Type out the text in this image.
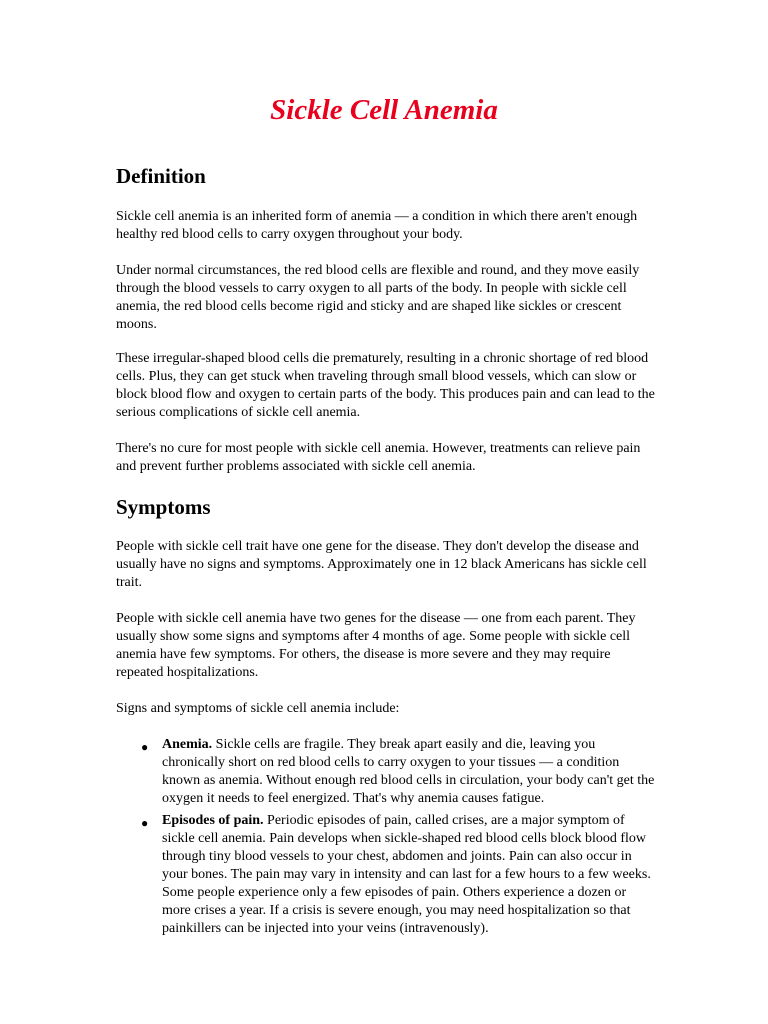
Sickle Cell Anemia
Definition

Sickle cell anemia is an inherited form of anemia — a condition in which there aren't enough healthy red blood cells to carry oxygen throughout your body.

Under normal circumstances, the red blood cells are flexible and round, and they move easily through the blood vessels to carry oxygen to all parts of the body. In people with sickle cell anemia, the red blood cells become rigid and sticky and are shaped like sickles or crescent moons.

These irregular-shaped blood cells die prematurely, resulting in a chronic shortage of red blood cells. Plus, they can get stuck when traveling through small blood vessels, which can slow or block blood flow and oxygen to certain parts of the body. This produces pain and can lead to the serious complications of sickle cell anemia.

There's no cure for most people with sickle cell anemia. However, treatments can relieve pain and prevent further problems associated with sickle cell anemia.

Symptoms

People with sickle cell trait have one gene for the disease. They don't develop the disease and usually have no signs and symptoms. Approximately one in 12 black Americans has sickle cell trait.

People with sickle cell anemia have two genes for the disease — one from each parent. They usually show some signs and symptoms after 4 months of age. Some people with sickle cell anemia have few symptoms. For others, the disease is more severe and they may require repeated hospitalizations.

Signs and symptoms of sickle cell anemia include:

● Anemia. Sickle cells are fragile. They break apart easily and die, leaving you chronically short on red blood cells to carry oxygen to your tissues — a condition known as anemia. Without enough red blood cells in circulation, your body can't get the oxygen it needs to feel energized. That's why anemia causes fatigue.
● Episodes of pain. Periodic episodes of pain, called crises, are a major symptom of sickle cell anemia. Pain develops when sickle-shaped red blood cells block blood flow through tiny blood vessels to your chest, abdomen and joints. Pain can also occur in your bones. The pain may vary in intensity and can last for a few hours to a few weeks. Some people experience only a few episodes of pain. Others experience a dozen or more crises a year. If a crisis is severe enough, you may need hospitalization so that painkillers can be injected into your veins (intravenously).
